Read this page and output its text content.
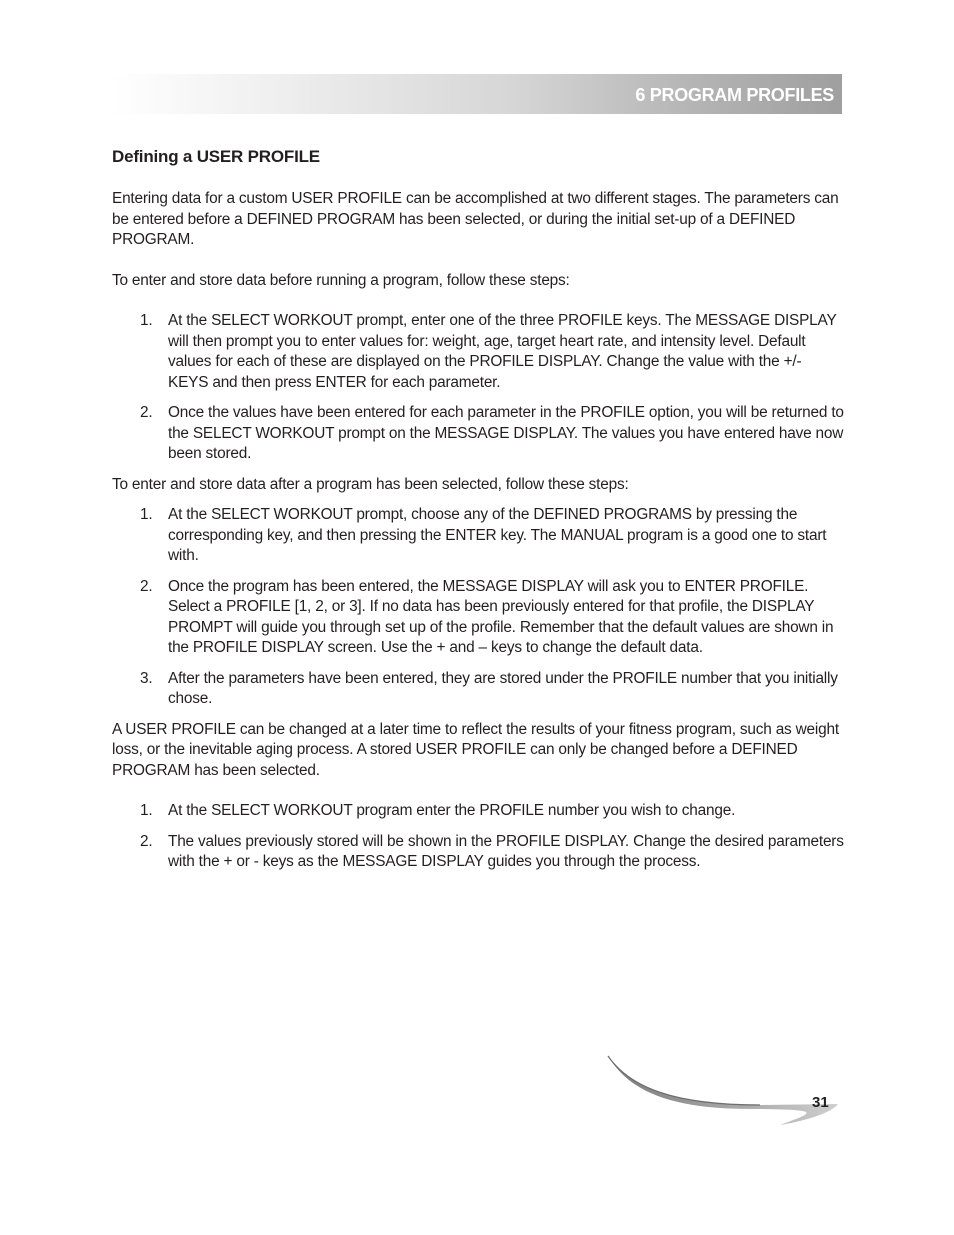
6 PROGRAM PROFILES
Defining a USER PROFILE

Entering data for a custom USER PROFILE can be accomplished at two different stages. The parameters can be entered before a DEFINED PROGRAM has been selected, or during the initial set-up of a DEFINED PROGRAM.

To enter and store data before running a program, follow these steps:

1. At the SELECT WORKOUT prompt, enter one of the three PROFILE keys. The MESSAGE DISPLAY will then prompt you to enter values for: weight, age, target heart rate, and intensity level. Default values for each of these are displayed on the PROFILE DISPLAY. Change the value with the +/- KEYS and then press ENTER for each parameter.
2. Once the values have been entered for each parameter in the PROFILE option, you will be returned to the SELECT WORKOUT prompt on the MESSAGE DISPLAY. The values you have entered have now been stored.

To enter and store data after a program has been selected, follow these steps:

1. At the SELECT WORKOUT prompt, choose any of the DEFINED PROGRAMS by pressing the corresponding key, and then pressing the ENTER key. The MANUAL program is a good one to start with.
2. Once the program has been entered, the MESSAGE DISPLAY will ask you to ENTER PROFILE. Select a PROFILE [1, 2, or 3]. If no data has been previously entered for that profile, the DISPLAY PROMPT will guide you through set up of the profile. Remember that the default values are shown in the PROFILE DISPLAY screen. Use the + and – keys to change the default data.
3. After the parameters have been entered, they are stored under the PROFILE number that you initially chose.

A USER PROFILE can be changed at a later time to reflect the results of your fitness program, such as weight loss, or the inevitable aging process. A stored USER PROFILE can only be changed before a DEFINED PROGRAM has been selected.

1. At the SELECT WORKOUT program enter the PROFILE number you wish to change.
2. The values previously stored will be shown in the PROFILE DISPLAY. Change the desired parameters with the + or - keys as the MESSAGE DISPLAY guides you through the process.
31
